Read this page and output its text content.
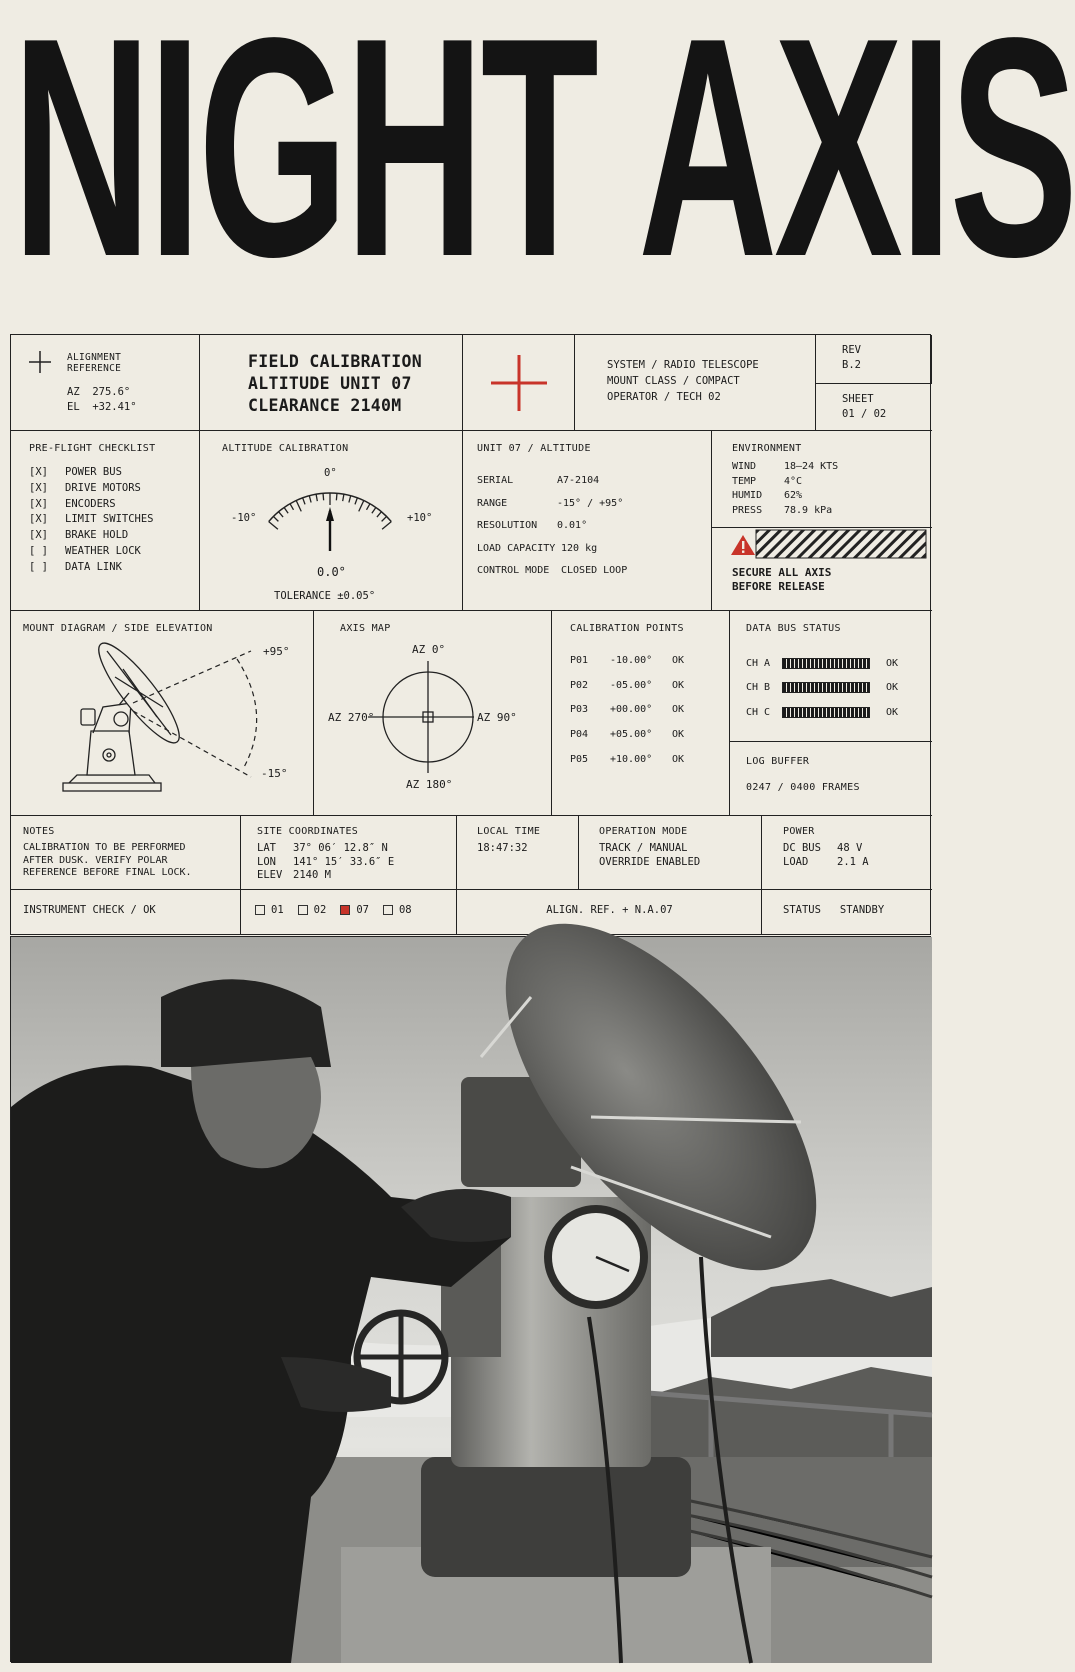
NIGHT AXIS
ALIGNMENT
REFERENCE
AZ 275.6°
EL +32.41°
FIELD CALIBRATION
ALTITUDE UNIT 07
CLEARANCE 2140M
SYSTEM / RADIO TELESCOPE
MOUNT CLASS / COMPACT
OPERATOR / TECH 02
REV
B.2
SHEET
01 / 02
PRE-FLIGHT CHECKLIST
[X] POWER BUS
[X] DRIVE MOTORS
[X] ENCODERS
[X] LIMIT SWITCHES
[X] BRAKE HOLD
[ ] WEATHER LOCK
[ ] DATA LINK
ALTITUDE CALIBRATION
0°
-10°	+10°
0.0°
TOLERANCE ±0.05°
UNIT 07 / ALTITUDE
SERIAL	A7-2104
RANGE	-15° / +95°
RESOLUTION 0.01°
LOAD CAPACITY 120 kg
CONTROL MODE CLOSED LOOP
ENVIRONMENT
WIND	18–24 KTS
TEMP	4°C
HUMID 62%
PRESS 78.9 kPa
SECURE ALL AXIS
BEFORE RELEASE
MOUNT DIAGRAM / SIDE ELEVATION
+95°
-15°
AXIS MAP
AZ 0°
AZ 90°
AZ 180°
AZ 270°
CALIBRATION POINTS
P01 -10.00° OK
P02 -05.00° OK
P03 +00.00° OK
P04 +05.00° OK
P05 +10.00° OK
DATA BUS STATUS
CH A	OK
CH B	OK
CH C	OK
LOG BUFFER
0247 / 0400 FRAMES
NOTES
CALIBRATION TO BE PERFORMED
AFTER DUSK. VERIFY POLAR
REFERENCE BEFORE FINAL LOCK.
SITE COORDINATES
LAT 37° 06′ 12.8″ N
LON 141° 15′ 33.6″ E
ELEV 2140 M
LOCAL TIME
18:47:32
OPERATION MODE
TRACK / MANUAL
OVERRIDE ENABLED
POWER
DC BUS 48 V
LOAD	2.1 A
INSTRUMENT CHECK / OK	01	02	07	08	ALIGN. REF. + N.A.07	STATUS STANDBY
